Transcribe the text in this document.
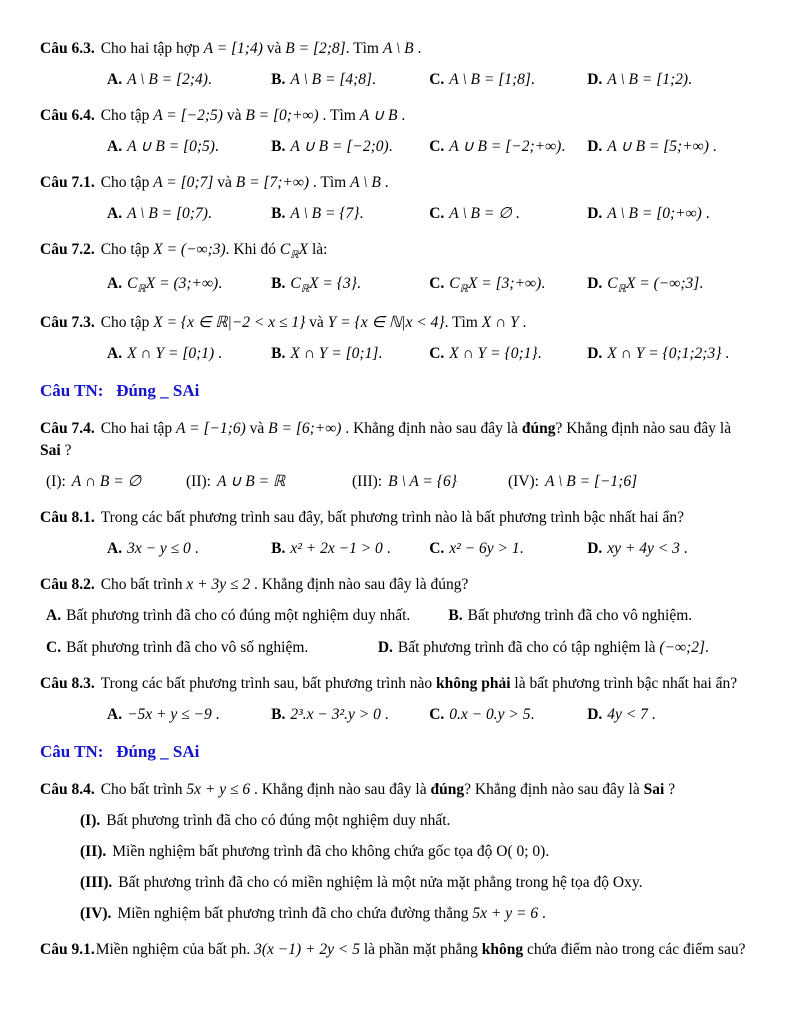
Câu 6.3. Cho hai tập hợp A = [1;4) và B = [2;8]. Tìm A \ B .

A. A \ B = [2;4).	B. A \ B = [4;8].	C. A \ B = [1;8].	D. A \ B = [1;2).

Câu 6.4. Cho tập A = [−2;5) và B = [0;+∞) . Tìm A ∪ B .

A. A ∪ B = [0;5).	B. A ∪ B = [−2;0).	C. A ∪ B = [−2;+∞).	D. A ∪ B = [5;+∞) .

Câu 7.1. Cho tập A = [0;7] và B = [7;+∞) . Tìm A \ B .

A. A \ B = [0;7).	B. A \ B = {7}.	C. A \ B = ∅ .	D. A \ B = [0;+∞) .

Câu 7.2. Cho tập X = (−∞;3). Khi đó $C_ℝX$ là:

A. $C_ℝX$ = (3;+∞).	B. $C_ℝX = \{3\}$.	C. $C_ℝX$ = [3;+∞).	D. $C_ℝX$ = (−∞;3].

Câu 7.3. Cho tập X = {x ∈ ℝ|−2 < x ≤ 1} và Y = {x ∈ ℕ|x < 4}. Tìm X ∩ Y .

A. X ∩ Y = [0;1) .	B. X ∩ Y = [0;1].	C. X ∩ Y = {0;1}.	D. X ∩ Y = {0;1;2;3} .
Câu TN:   Đúng _ SAi

Câu 7.4. Cho hai tập A = [−1;6) và B = [6;+∞) . Khẳng định nào sau đây là đúng? Khẳng định nào sau đây là Sai ?

(I): A ∩ B = ∅	(II): A ∪ B = ℝ	(III): B \ A = {6}	(IV): A \ B = [−1;6]

Câu 8.1. Trong các bất phương trình sau đây, bất phương trình nào là bất phương trình bậc nhất hai ẩn?

A. 3x − y ≤ 0 .	B. x² + 2x −1 > 0 .	C. x² − 6y > 1.	D. xy + 4y < 3 .

Câu 8.2. Cho bất trình x + 3y ≤ 2 . Khẳng định nào sau đây là đúng?

A. Bất phương trình đã cho có đúng một nghiệm duy nhất.	B. Bất phương trình đã cho vô nghiệm.
C. Bất phương trình đã cho vô số nghiệm.	D. Bất phương trình đã cho có tập nghiệm là (−∞;2].

Câu 8.3. Trong các bất phương trình sau, bất phương trình nào không phải là bất phương trình bậc nhất hai ẩn?

A. −5x + y ≤ −9 .	B. 2³.x − 3².y > 0 .	C. 0.x − 0.y > 5.	D. 4y < 7 .
Câu TN:   Đúng _ SAi

Câu 8.4. Cho bất trình 5x + y ≤ 6 . Khẳng định nào sau đây là đúng? Khẳng định nào sau đây là Sai ?

(I). Bất phương trình đã cho có đúng một nghiệm duy nhất.
(II). Miền nghiệm bất phương trình đã cho không chứa gốc tọa độ O( 0; 0).
(III). Bất phương trình đã cho có miền nghiệm là một nửa mặt phẳng trong hệ tọa độ Oxy.
(IV). Miền nghiệm bất phương trình đã cho chứa đường thẳng 5x + y = 6 .

Câu 9.1.Miền nghiệm của bất ph. 3(x −1) + 2y < 5 là phần mặt phẳng không chứa điểm nào trong các điểm sau?
